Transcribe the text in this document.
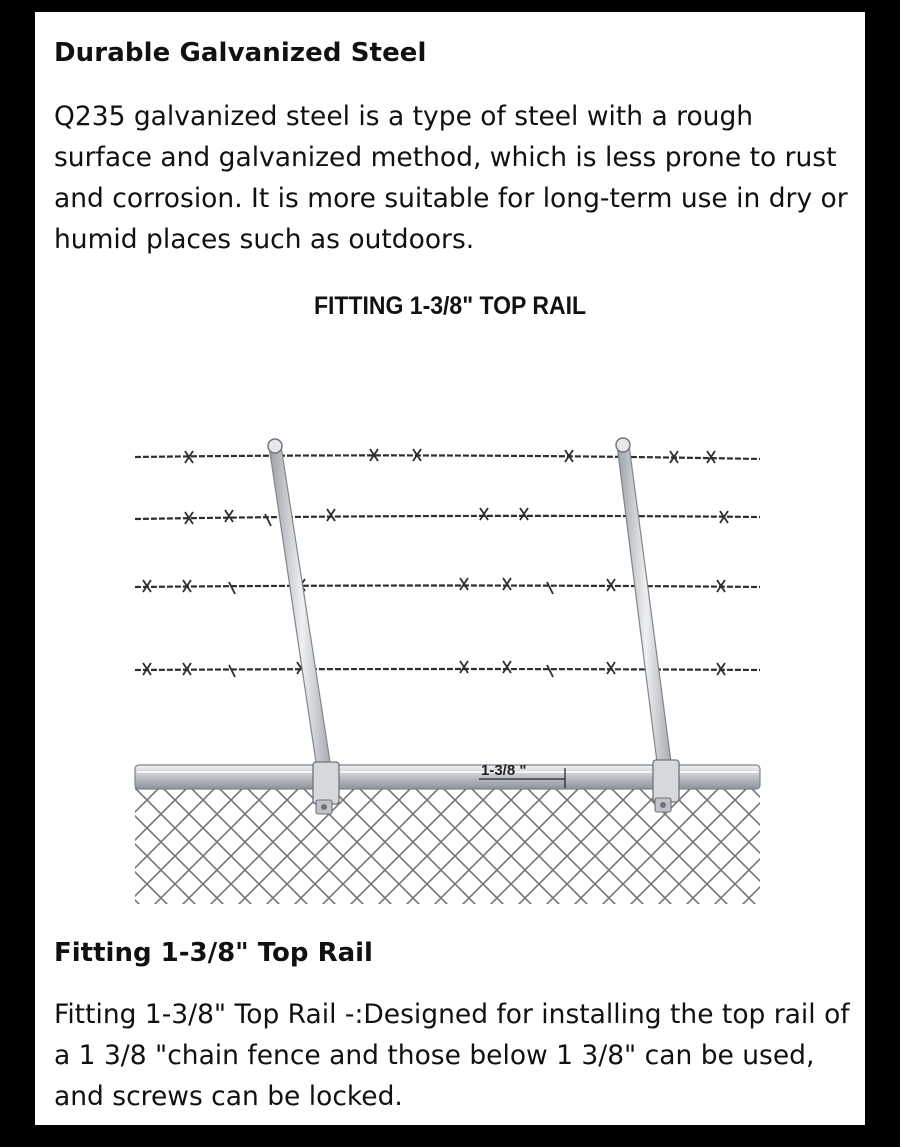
Durable Galvanized Steel

Q235 galvanized steel is a type of steel with a rough surface and galvanized method, which is less prone to rust and corrosion. It is more suitable for long-term use in dry or humid places such as outdoors.

FITTING 1-3/8" TOP RAIL
1-3/8 "
Fitting 1-3/8" Top Rail

Fitting 1-3/8" Top Rail -:Designed for installing the top rail of a 1 3/8 "chain fence and those below 1 3/8" can be used, and screws can be locked.
